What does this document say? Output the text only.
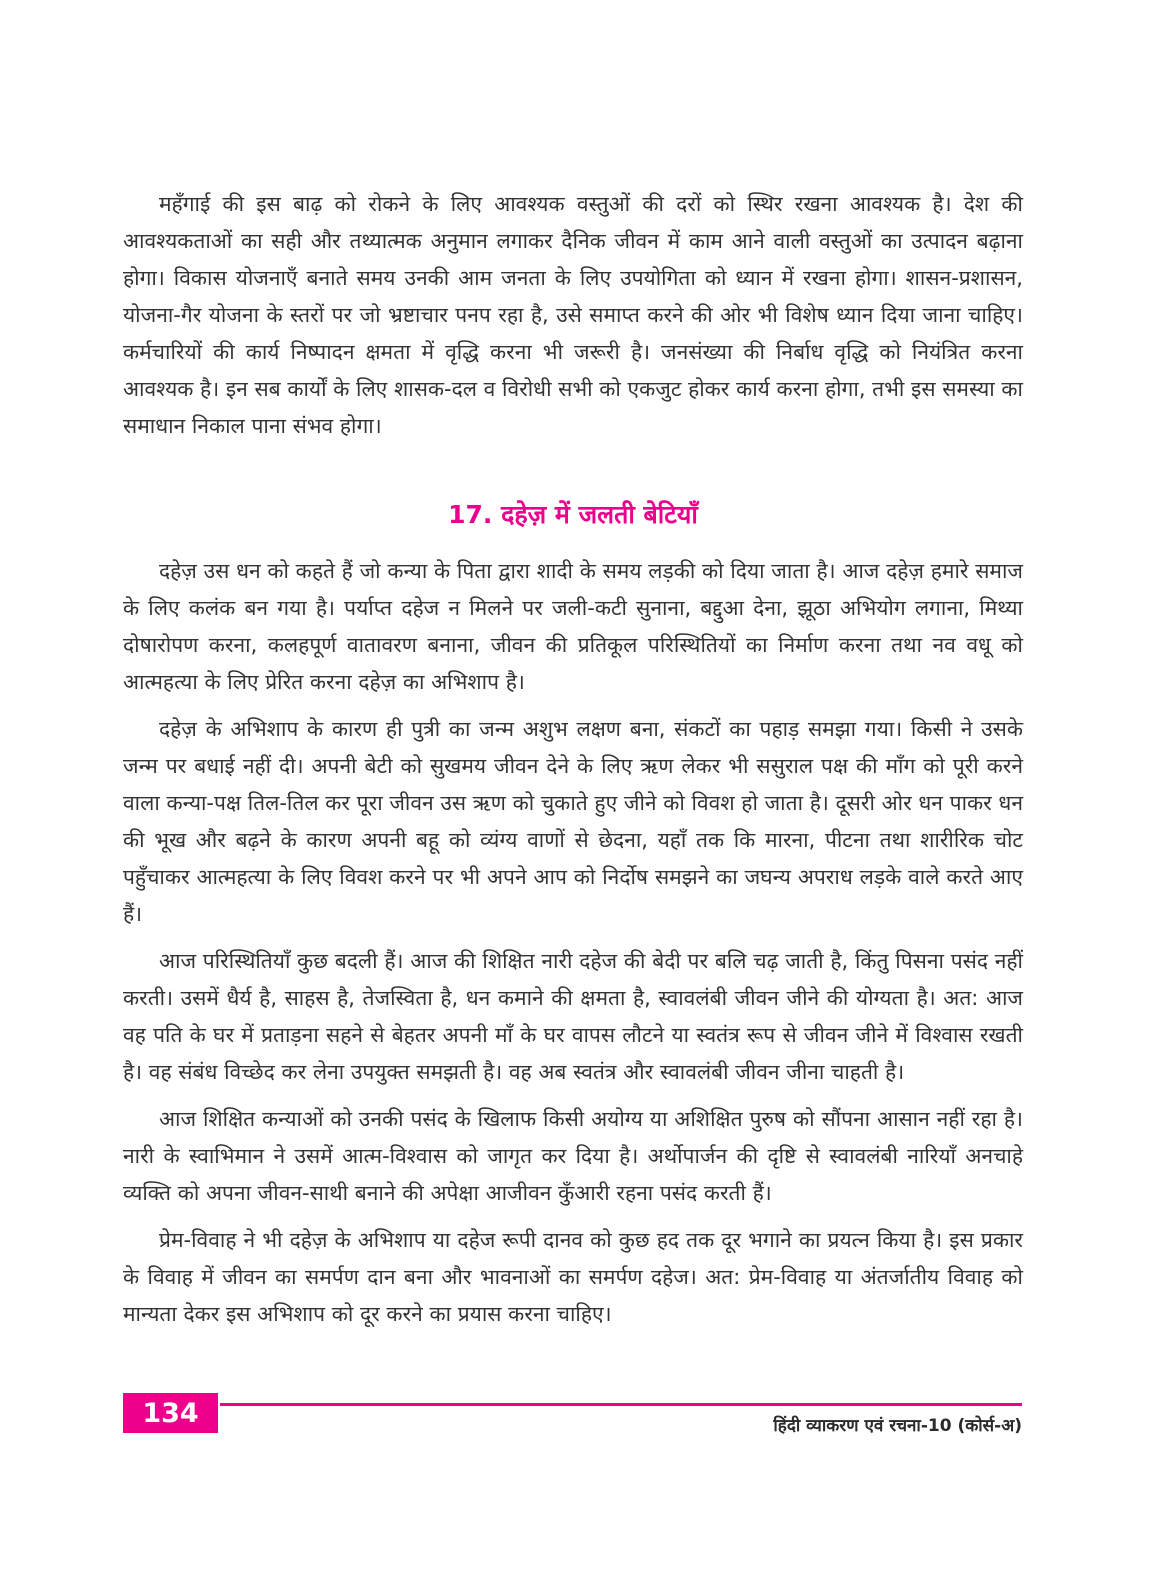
महँगाई की इस बाढ़ को रोकने के लिए आवश्यक वस्तुओं की दरों को स्थिर रखना आवश्यक है। देश की आवश्यकताओं का सही और तथ्यात्मक अनुमान लगाकर दैनिक जीवन में काम आने वाली वस्तुओं का उत्पादन बढ़ाना होगा। विकास योजनाएँ बनाते समय उनकी आम जनता के लिए उपयोगिता को ध्यान में रखना होगा। शासन-प्रशासन, योजना-गैर योजना के स्तरों पर जो भ्रष्टाचार पनप रहा है, उसे समाप्त करने की ओर भी विशेष ध्यान दिया जाना चाहिए। कर्मचारियों की कार्य निष्पादन क्षमता में वृद्धि करना भी जरूरी है। जनसंख्या की निर्बाध वृद्धि को नियंत्रित करना आवश्यक है। इन सब कार्यों के लिए शासक-दल व विरोधी सभी को एकजुट होकर कार्य करना होगा, तभी इस समस्या का समाधान निकाल पाना संभव होगा।

17. दहेज़ में जलती बेटियाँ

दहेज़ उस धन को कहते हैं जो कन्या के पिता द्वारा शादी के समय लड़की को दिया जाता है। आज दहेज़ हमारे समाज के लिए कलंक बन गया है। पर्याप्त दहेज न मिलने पर जली-कटी सुनाना, बद्दुआ देना, झूठा अभियोग लगाना, मिथ्या दोषारोपण करना, कलहपूर्ण वातावरण बनाना, जीवन की प्रतिकूल परिस्थितियों का निर्माण करना तथा नव वधू को आत्महत्या के लिए प्रेरित करना दहेज़ का अभिशाप है।

दहेज़ के अभिशाप के कारण ही पुत्री का जन्म अशुभ लक्षण बना, संकटों का पहाड़ समझा गया। किसी ने उसके जन्म पर बधाई नहीं दी। अपनी बेटी को सुखमय जीवन देने के लिए ऋण लेकर भी ससुराल पक्ष की माँग को पूरी करने वाला कन्या-पक्ष तिल-तिल कर पूरा जीवन उस ऋण को चुकाते हुए जीने को विवश हो जाता है। दूसरी ओर धन पाकर धन की भूख और बढ़ने के कारण अपनी बहू को व्यंग्य वाणों से छेदना, यहाँ तक कि मारना, पीटना तथा शारीरिक चोट पहुँचाकर आत्महत्या के लिए विवश करने पर भी अपने आप को निर्दोष समझने का जघन्य अपराध लड़के वाले करते आए हैं।

आज परिस्थितियाँ कुछ बदली हैं। आज की शिक्षित नारी दहेज की बेदी पर बलि चढ़ जाती है, किंतु पिसना पसंद नहीं करती। उसमें धैर्य है, साहस है, तेजस्विता है, धन कमाने की क्षमता है, स्वावलंबी जीवन जीने की योग्यता है। अत: आज वह पति के घर में प्रताड़ना सहने से बेहतर अपनी माँ के घर वापस लौटने या स्वतंत्र रूप से जीवन जीने में विश्वास रखती है। वह संबंध विच्छेद कर लेना उपयुक्त समझती है। वह अब स्वतंत्र और स्वावलंबी जीवन जीना चाहती है।

आज शिक्षित कन्याओं को उनकी पसंद के खिलाफ किसी अयोग्य या अशिक्षित पुरुष को सौंपना आसान नहीं रहा है। नारी के स्वाभिमान ने उसमें आत्म-विश्वास को जागृत कर दिया है। अर्थोपार्जन की दृष्टि से स्वावलंबी नारियाँ अनचाहे व्यक्ति को अपना जीवन-साथी बनाने की अपेक्षा आजीवन कुँआरी रहना पसंद करती हैं।

प्रेम-विवाह ने भी दहेज़ के अभिशाप या दहेज रूपी दानव को कुछ हद तक दूर भगाने का प्रयत्न किया है। इस प्रकार के विवाह में जीवन का समर्पण दान बना और भावनाओं का समर्पण दहेज। अत: प्रेम-विवाह या अंतर्जातीय विवाह को मान्यता देकर इस अभिशाप को दूर करने का प्रयास करना चाहिए।

134	हिंदी व्याकरण एवं रचना-10 (कोर्स-अ)
